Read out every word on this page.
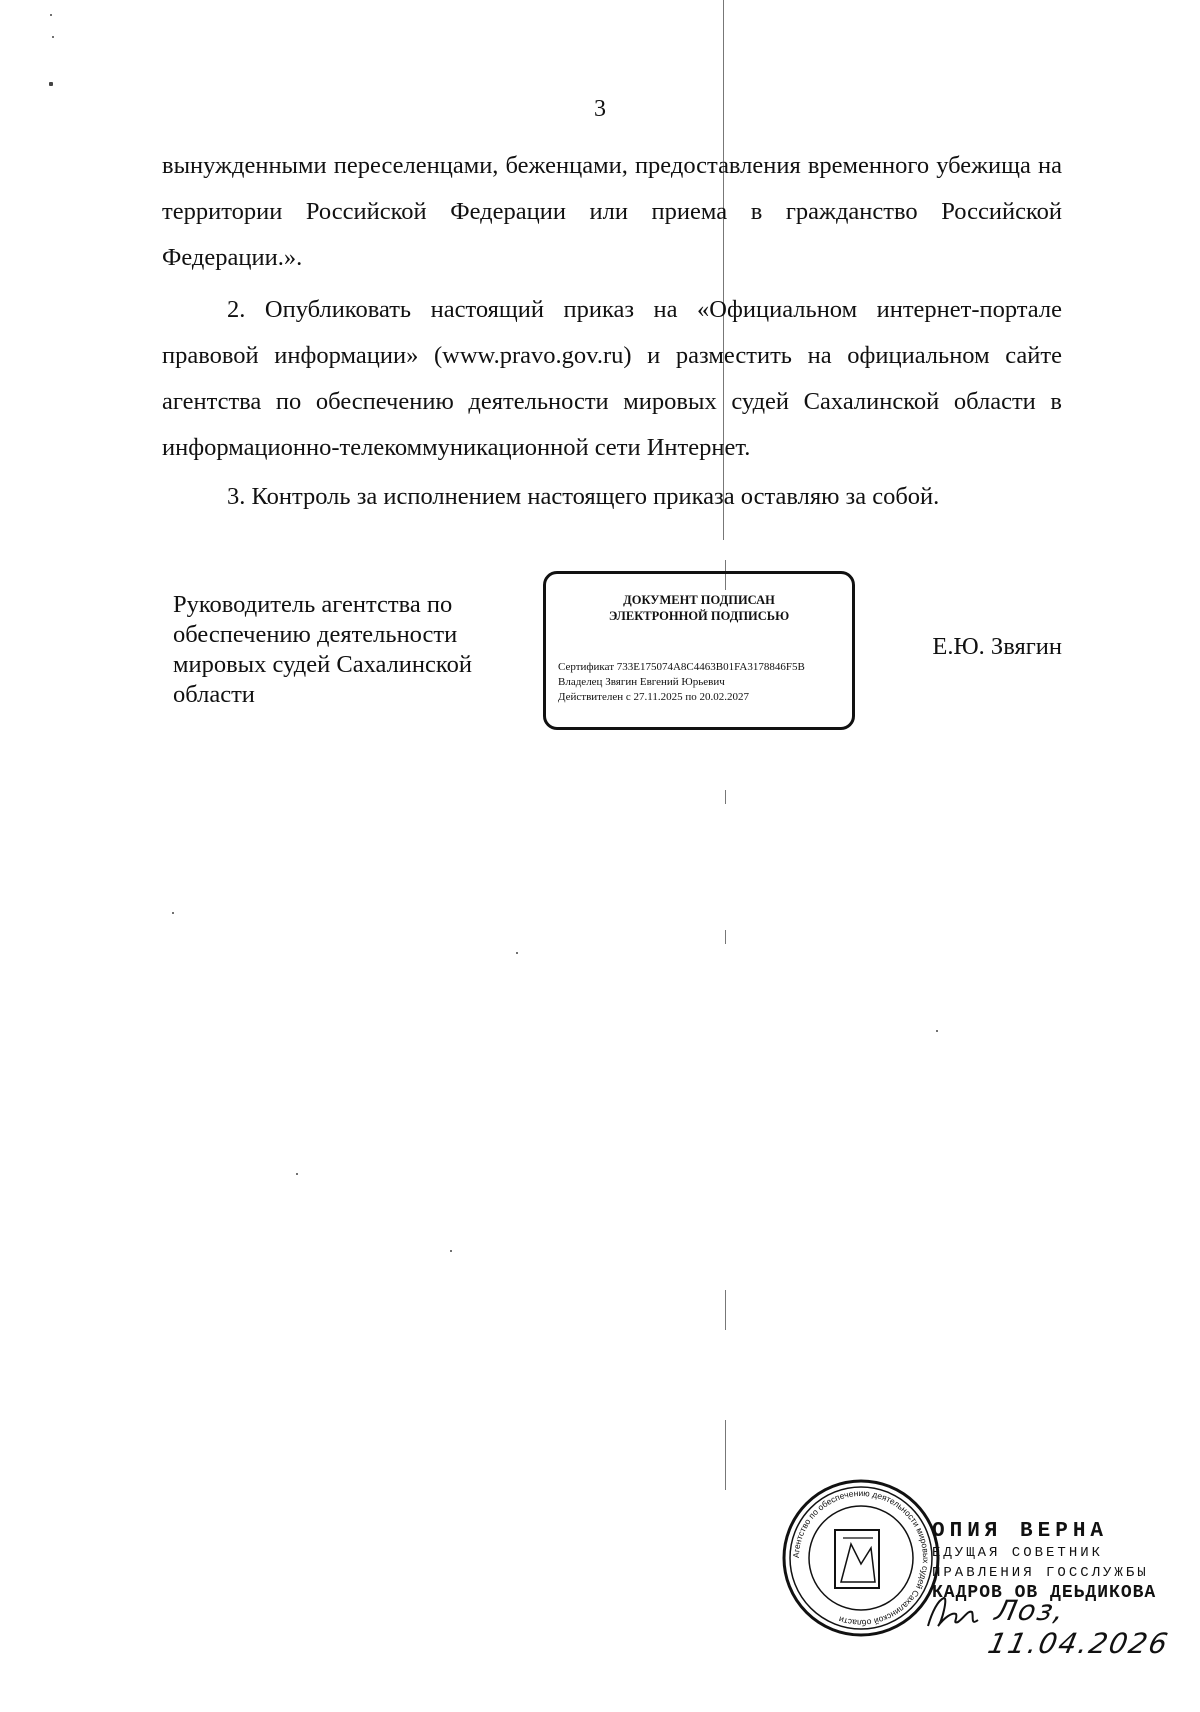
3
вынужденными переселенцами, беженцами, предоставления временного убежища на территории Российской Федерации или приема в гражданство Российской Федерации.».
2. Опубликовать настоящий приказ на «Официальном интернет-портале правовой информации» (www.pravo.gov.ru) и разместить на официальном сайте агентства по обеспечению деятельности мировых судей Сахалинской области в информационно-телекоммуникационной сети Интернет.
3. Контроль за исполнением настоящего приказа оставляю за собой.
Руководитель агентства по
обеспечению деятельности
мировых судей Сахалинской
области
ДОКУМЕНТ ПОДПИСАН
ЭЛЕКТРОННОЙ ПОДПИСЬЮ
Сертификат 733E175074A8C4463B01FA3178846F5B
Владелец Звягин Евгений Юрьевич
Действителен с 27.11.2025 по 20.02.2027
Е.Ю. Звягин
Агентство по обеспечению деятельности мировых судей Сахалинской области
ОПИЯ ВЕРНА
ЕДУЩАЯ СОВЕТНИК
ПРАВЛЕНИЯ ГОССЛУЖБЫ
КАДРОВ ОВ ДЕЬДИКОВА
Лоз, 11.04.2026
